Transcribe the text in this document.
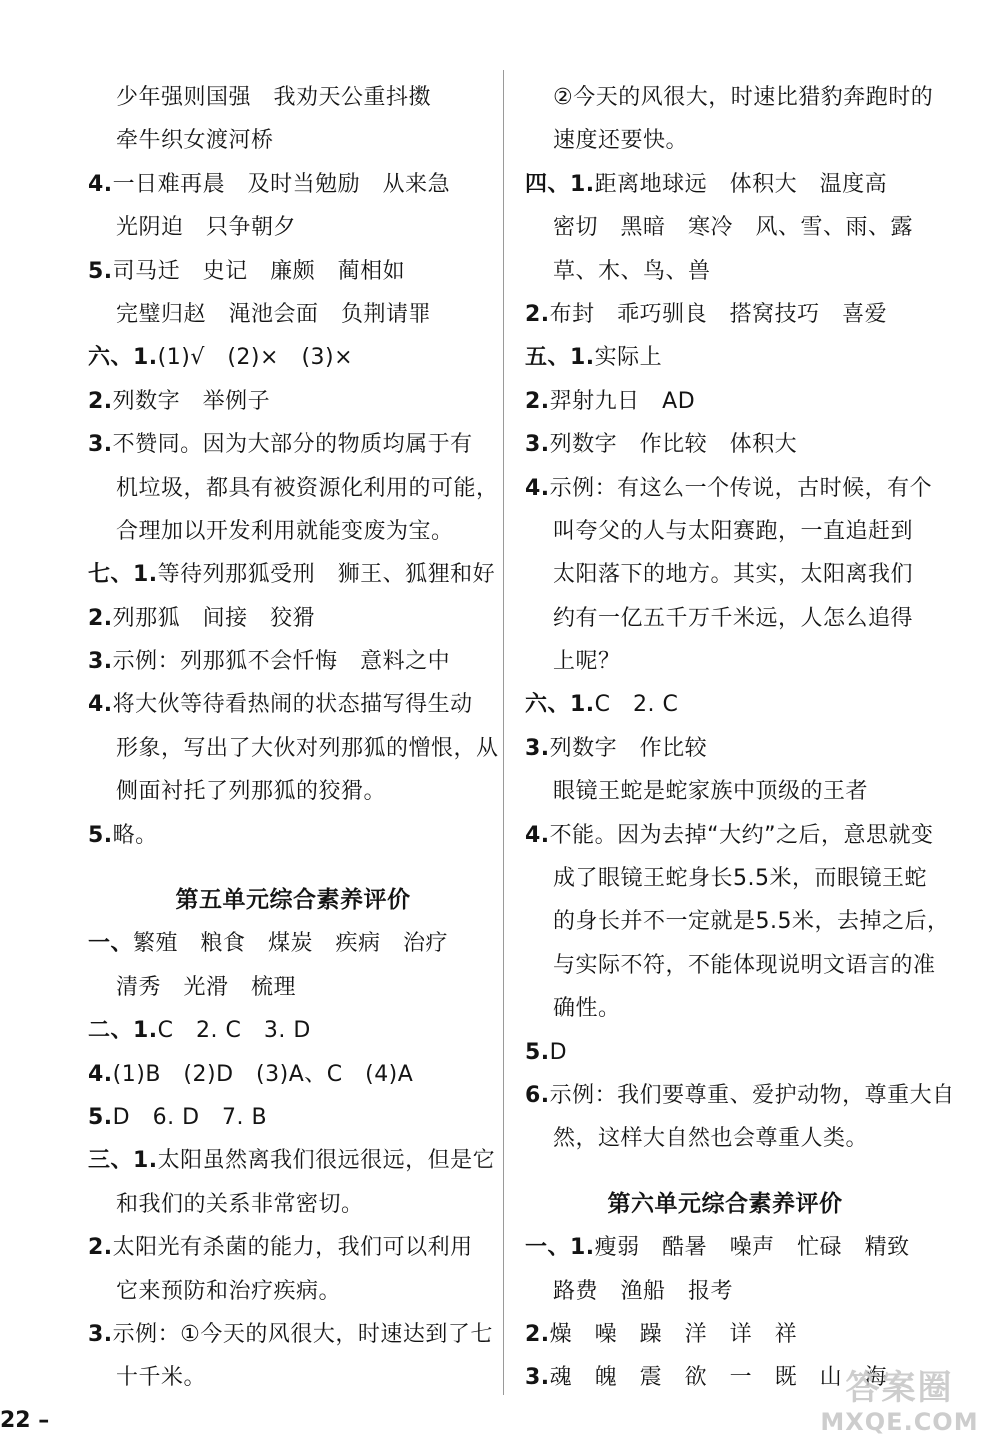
少年强则国强　我劝天公重抖擞
牵牛织女渡河桥
4.一日难再晨　及时当勉励　从来急
光阴迫　只争朝夕
5.司马迁　史记　廉颇　蔺相如
完璧归赵　渑池会面　负荆请罪
六、1.(1)√　(2)×　(3)×
2.列数字　举例子
3.不赞同。因为大部分的物质均属于有
机垃圾，都具有被资源化利用的可能，
合理加以开发利用就能变废为宝。
七、1.等待列那狐受刑　狮王、狐狸和好
2.列那狐　间接　狡猾
3.示例：列那狐不会忏悔　意料之中
4.将大伙等待看热闹的状态描写得生动
形象，写出了大伙对列那狐的憎恨，从
侧面衬托了列那狐的狡猾。
5.略。
第五单元综合素养评价
一、繁殖　粮食　煤炭　疾病　治疗
清秀　光滑　梳理
二、1.C　2. C　3. D
4.(1)B　(2)D　(3)A、C　(4)A
5.D　6. D　7. B
三、1.太阳虽然离我们很远很远，但是它
和我们的关系非常密切。
2.太阳光有杀菌的能力，我们可以利用
它来预防和治疗疾病。
3.示例：①今天的风很大，时速达到了七
十千米。
②今天的风很大，时速比猎豹奔跑时的
速度还要快。
四、1.距离地球远　体积大　温度高
密切　黑暗　寒冷　风、雪、雨、露
草、木、鸟、兽
2.布封　乖巧驯良　搭窝技巧　喜爱
五、1.实际上
2.羿射九日　AD
3.列数字　作比较　体积大
4.示例：有这么一个传说，古时候，有个
叫夸父的人与太阳赛跑，一直追赶到
太阳落下的地方。其实，太阳离我们
约有一亿五千万千米远，人怎么追得
上呢？
六、1.C　2. C
3.列数字　作比较
眼镜王蛇是蛇家族中顶级的王者
4.不能。因为去掉“大约”之后，意思就变
成了眼镜王蛇身长5.5米，而眼镜王蛇
的身长并不一定就是5.5米，去掉之后，
与实际不符，不能体现说明文语言的准
确性。
5.D
6.示例：我们要尊重、爱护动物，尊重大自
然，这样大自然也会尊重人类。
第六单元综合素养评价
一、1.瘦弱　酷暑　噪声　忙碌　精致
路费　渔船　报考
2.燥　噪　躁　洋　详　祥
3.魂　魄　震　欲　一　既　山　海
22 –
答案圈
MXQE.COM
